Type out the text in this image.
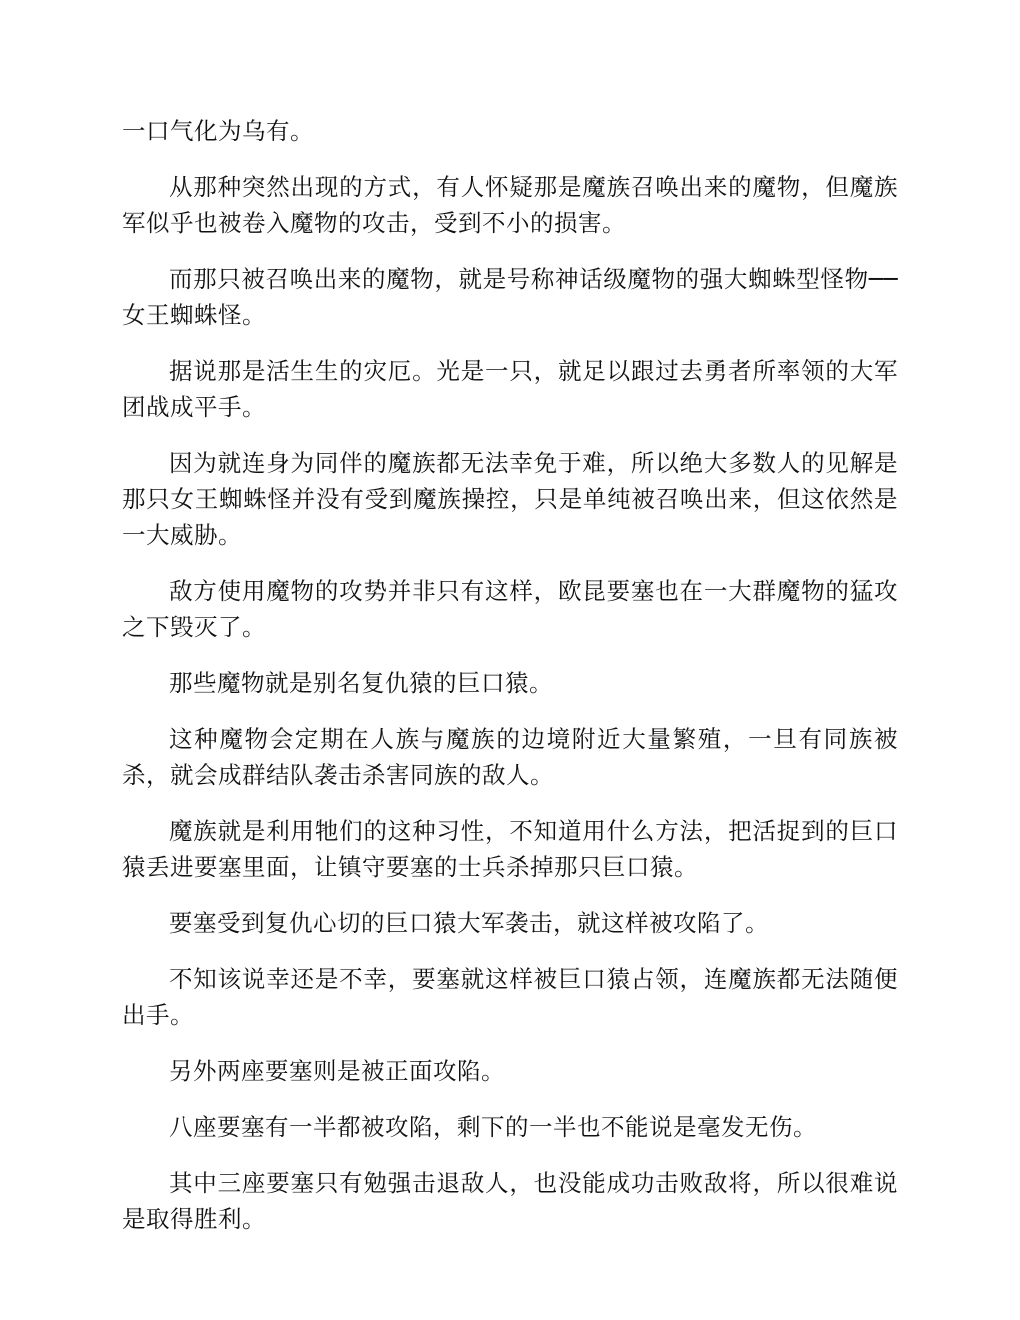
一口气化为乌有。

从那种突然出现的方式，有人怀疑那是魔族召唤出来的魔物，但魔族军似乎也被卷入魔物的攻击，受到不小的损害。

而那只被召唤出来的魔物，就是号称神话级魔物的强大蜘蛛型怪物──女王蜘蛛怪。

据说那是活生生的灾厄。光是一只，就足以跟过去勇者所率领的大军团战成平手。

因为就连身为同伴的魔族都无法幸免于难，所以绝大多数人的见解是那只女王蜘蛛怪并没有受到魔族操控，只是单纯被召唤出来，但这依然是一大威胁。

敌方使用魔物的攻势并非只有这样，欧昆要塞也在一大群魔物的猛攻之下毁灭了。

那些魔物就是别名复仇猿的巨口猿。

这种魔物会定期在人族与魔族的边境附近大量繁殖，一旦有同族被杀，就会成群结队袭击杀害同族的敌人。

魔族就是利用牠们的这种习性，不知道用什么方法，把活捉到的巨口猿丢进要塞里面，让镇守要塞的士兵杀掉那只巨口猿。

要塞受到复仇心切的巨口猿大军袭击，就这样被攻陷了。

不知该说幸还是不幸，要塞就这样被巨口猿占领，连魔族都无法随便出手。

另外两座要塞则是被正面攻陷。

八座要塞有一半都被攻陷，剩下的一半也不能说是毫发无伤。

其中三座要塞只有勉强击退敌人，也没能成功击败敌将，所以很难说是取得胜利。
